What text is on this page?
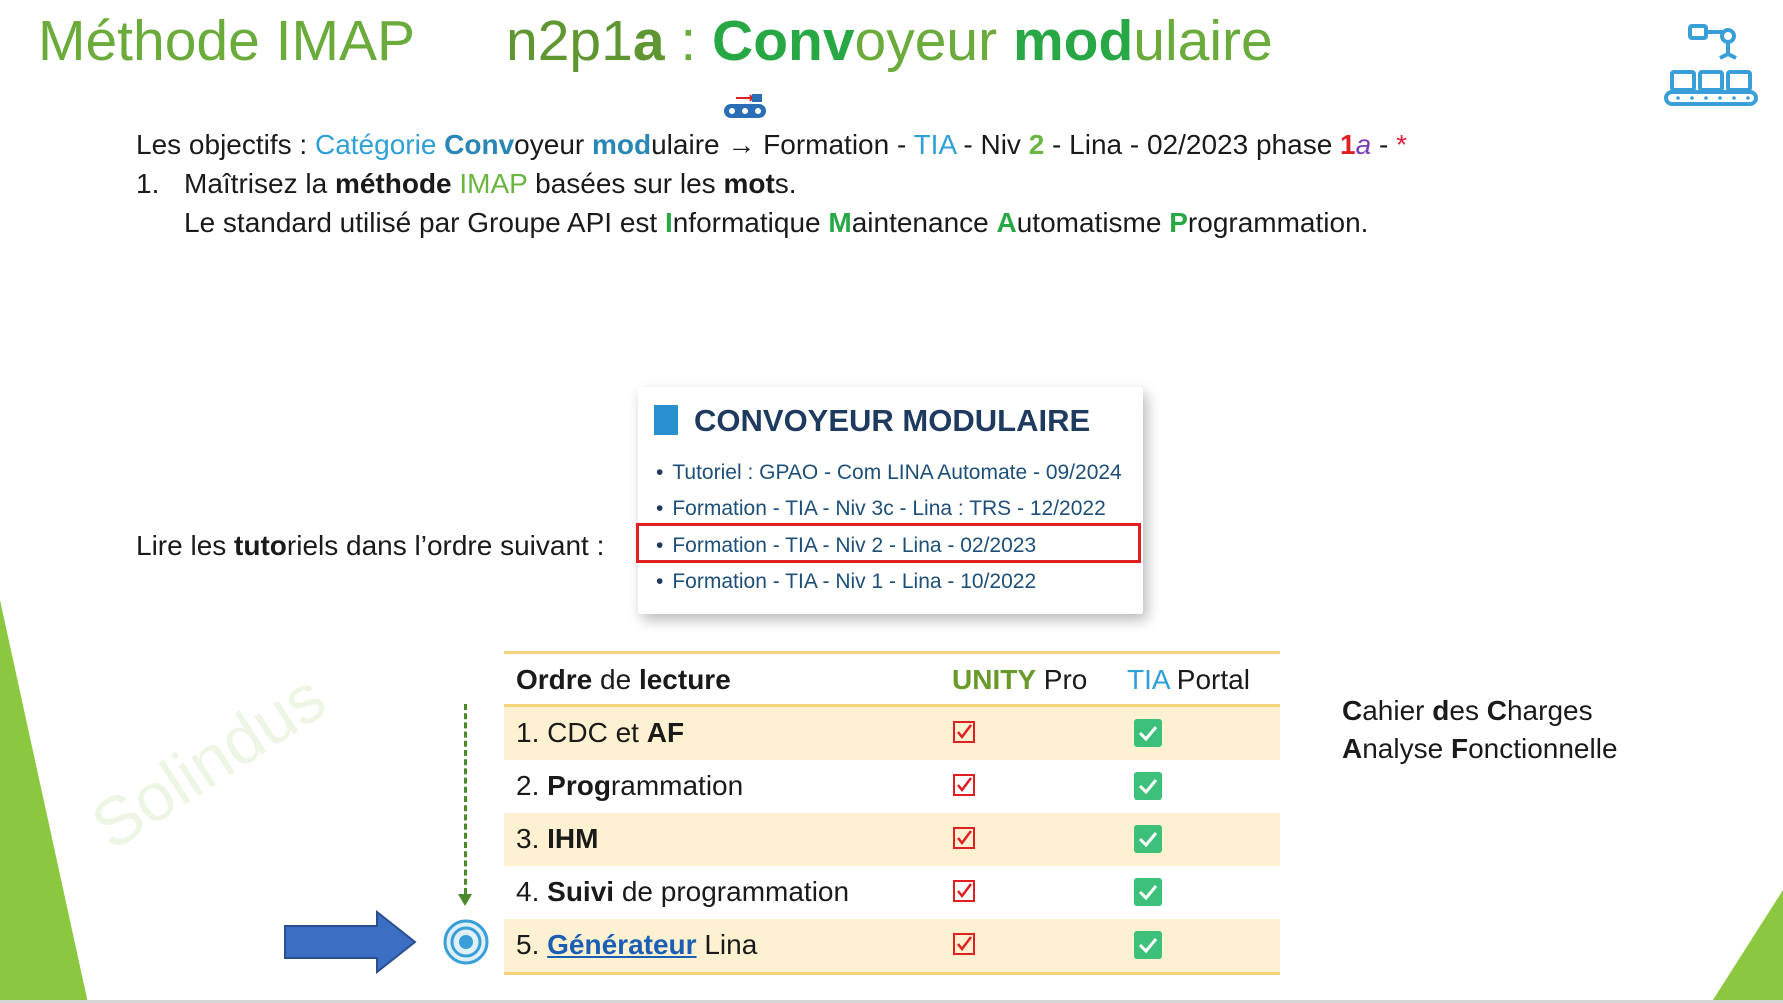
Solindus
Méthode IMAP n2p1a : Convoyeur modulaire
Les objectifs : Catégorie Convoyeur modulaire → Formation - TIA - Niv 2 - Lina - 02/2023 phase 1a - *
1. Maîtrisez la méthode IMAP basées sur les mots.
Le standard utilisé par Groupe API est Informatique Maintenance Automatisme Programmation.
Lire les tutoriels dans l’ordre suivant :
CONVOYEUR MODULAIRE
• Tutoriel : GPAO - Com LINA Automate - 09/2024
• Formation - TIA - Niv 3c - Lina : TRS - 12/2022
• Formation - TIA - Niv 2 - Lina - 02/2023
• Formation - TIA - Niv 1 - Lina - 10/2022
Ordre de lecture	UNITY Pro TIA Portal
1. CDC et AF
2. Programmation
3. IHM
4. Suivi de programmation
5. Générateur Lina
Cahier des Charges
Analyse Fonctionnelle
